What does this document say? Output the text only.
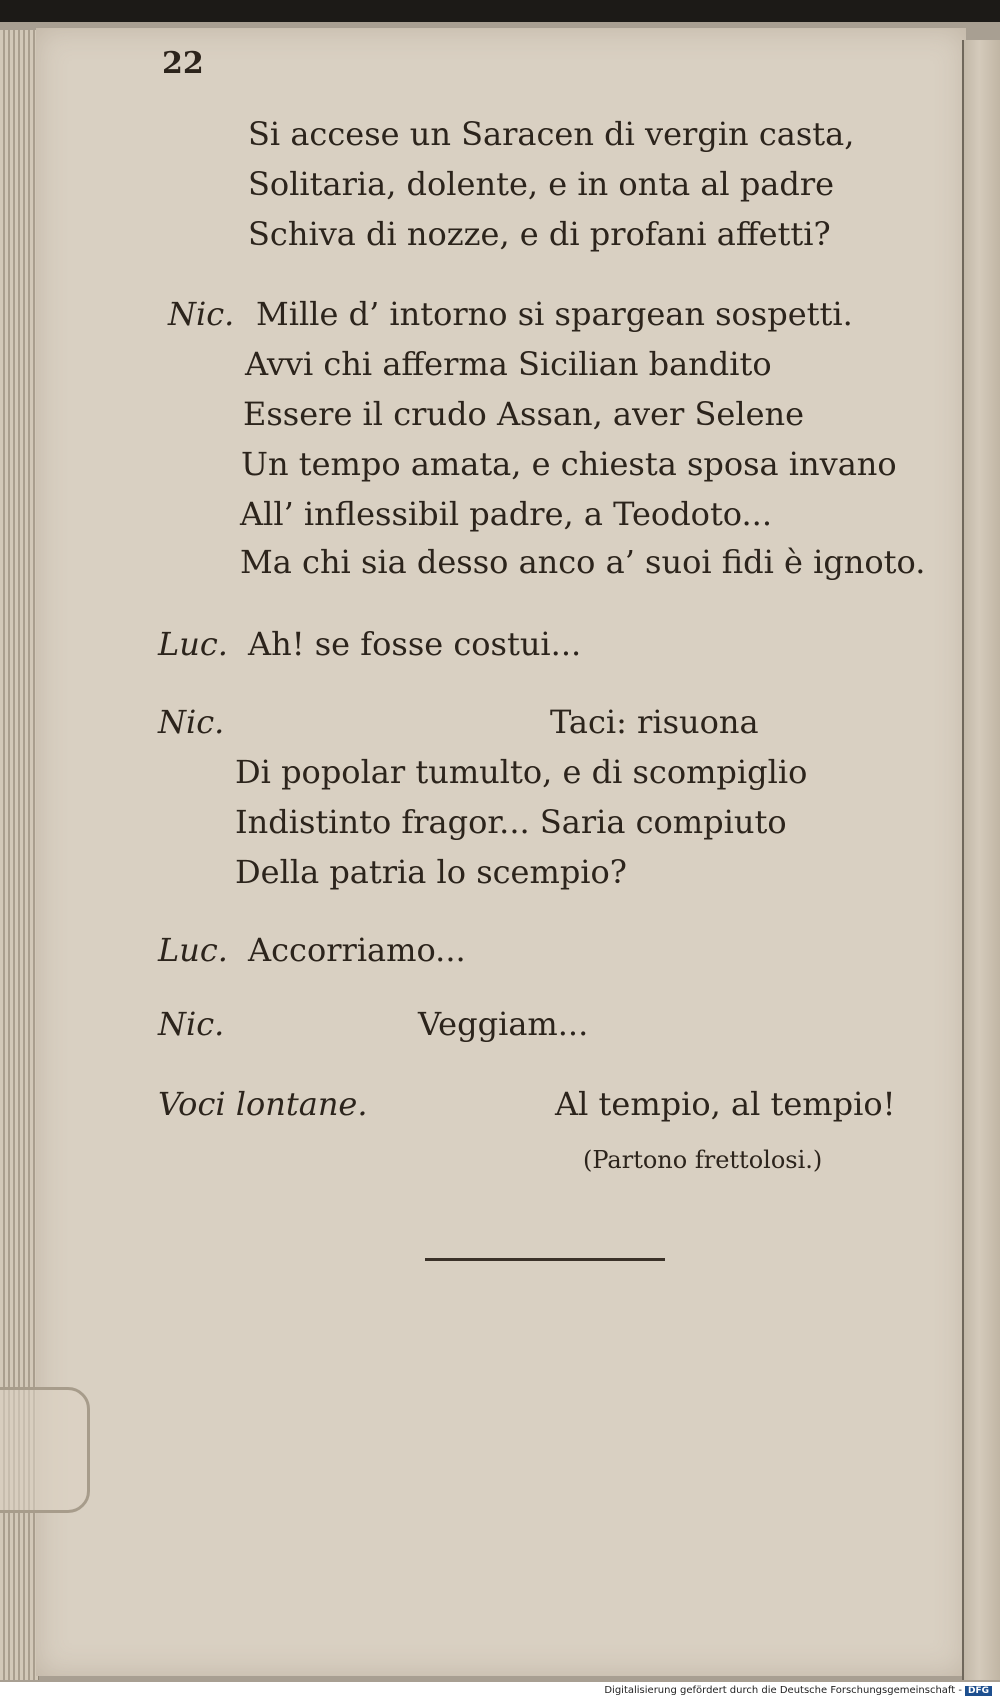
22
Si accese un Saracen di vergin casta,
Solitaria, dolente, e in onta al padre
Schiva di nozze, e di profani affetti?
Nic. Mille d’ intorno si spargean sospetti.
Avvi chi afferma Sicilian bandito
Essere il crudo Assan, aver Selene
Un tempo amata, e chiesta sposa invano
All’ inflessibil padre, a Teodoto...
Ma chi sia desso anco a’ suoi fidi è ignoto.
Luc. Ah! se fosse costui...
Nic.	Taci: risuona
Di popolar tumulto, e di scompiglio
Indistinto fragor... Saria compiuto
Della patria lo scempio?
Luc. Accorriamo...
Nic.	Veggiam...
Voci lontane.	Al tempio, al tempio!
(Partono frettolosi.)
Digitalisierung gefördert durch die Deutsche Forschungsgemeinschaft - DFG
